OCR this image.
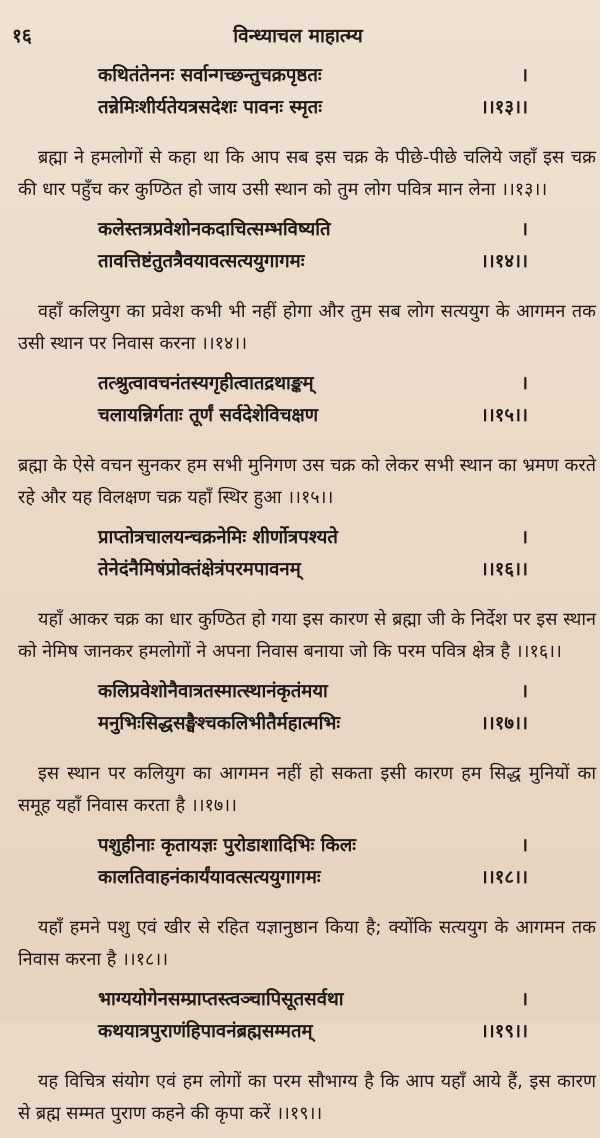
१६	विन्ध्याचल माहात्म्य
कथितंतेननः सर्वान्गच्छन्तुचक्रपृष्ठतः	।
तन्नेमिःशीर्यतेयत्रसदेशः पावनः स्मृतः	।।१३।।

ब्रह्मा ने हमलोगों से कहा था कि आप सब इस चक्र के पीछे-पीछे चलिये जहाँ इस चक्र की धार पहुँच कर कुण्ठित हो जाय उसी स्थान को तुम लोग पवित्र मान लेना ।।१३।।

कलेस्तत्रप्रवेशोनकदाचित्सम्भविष्यति	।
तावत्तिष्टंतुतत्रैवयावत्सत्ययुगागमः	।।१४।।

वहाँ कलियुग का प्रवेश कभी भी नहीं होगा और तुम सब लोग सत्ययुग के आगमन तक उसी स्थान पर निवास करना ।।१४।।

तत्श्रुत्वावचनंतस्यगृहीत्वातद्रथाङ्कम्	।
चलायन्निर्गताः तूर्णं सर्वदेशेविचक्षण	।।१५।।

ब्रह्मा के ऐसे वचन सुनकर हम सभी मुनिगण उस चक्र को लेकर सभी स्थान का भ्रमण करते रहे और यह विलक्षण चक्र यहाँ स्थिर हुआ ।।१५।।

प्राप्तोत्रचालयन्चक्रनेमिः शीर्णोत्रपश्यते	।
तेनेदंनैमिषंप्रोक्तंक्षेत्रंपरमपावनम्	।।१६।।

यहाँ आकर चक्र का धार कुण्ठित हो गया इस कारण से ब्रह्मा जी के निर्देश पर इस स्थान को नेमिष जानकर हमलोगों ने अपना निवास बनाया जो कि परम पवित्र क्षेत्र है ।।१६।।

कलिप्रवेशोनैवात्रतस्मात्स्थानंकृतंमया	।
मनुभिःसिद्धसङ्घैश्चकलिभीतैर्महात्मभिः	।।१७।।

इस स्थान पर कलियुग का आगमन नहीं हो सकता इसी कारण हम सिद्ध मुनियों का समूह यहाँ निवास करता है ।।१७।।

पशुहीनाः कृतायज्ञः पुरोडाशादिभिः किलः	।
कालतिवाहनंकार्यंयावत्सत्ययुगागमः	।।१८।।

यहाँ हमने पशु एवं खीर से रहित यज्ञानुष्ठान किया है; क्योंकि सत्ययुग के आगमन तक निवास करना है ।।१८।।

भाग्ययोगेनसम्प्राप्तस्त्वञ्चापिसूतसर्वथा	।
कथयात्रपुराणंहिपावनंब्रह्मसम्मतम्	।।१९।।

यह विचित्र संयोग एवं हम लोगों का परम सौभाग्य है कि आप यहाँ आये हैं, इस कारण से ब्रह्म सम्मत पुराण कहने की कृपा करें ।।१९।।
